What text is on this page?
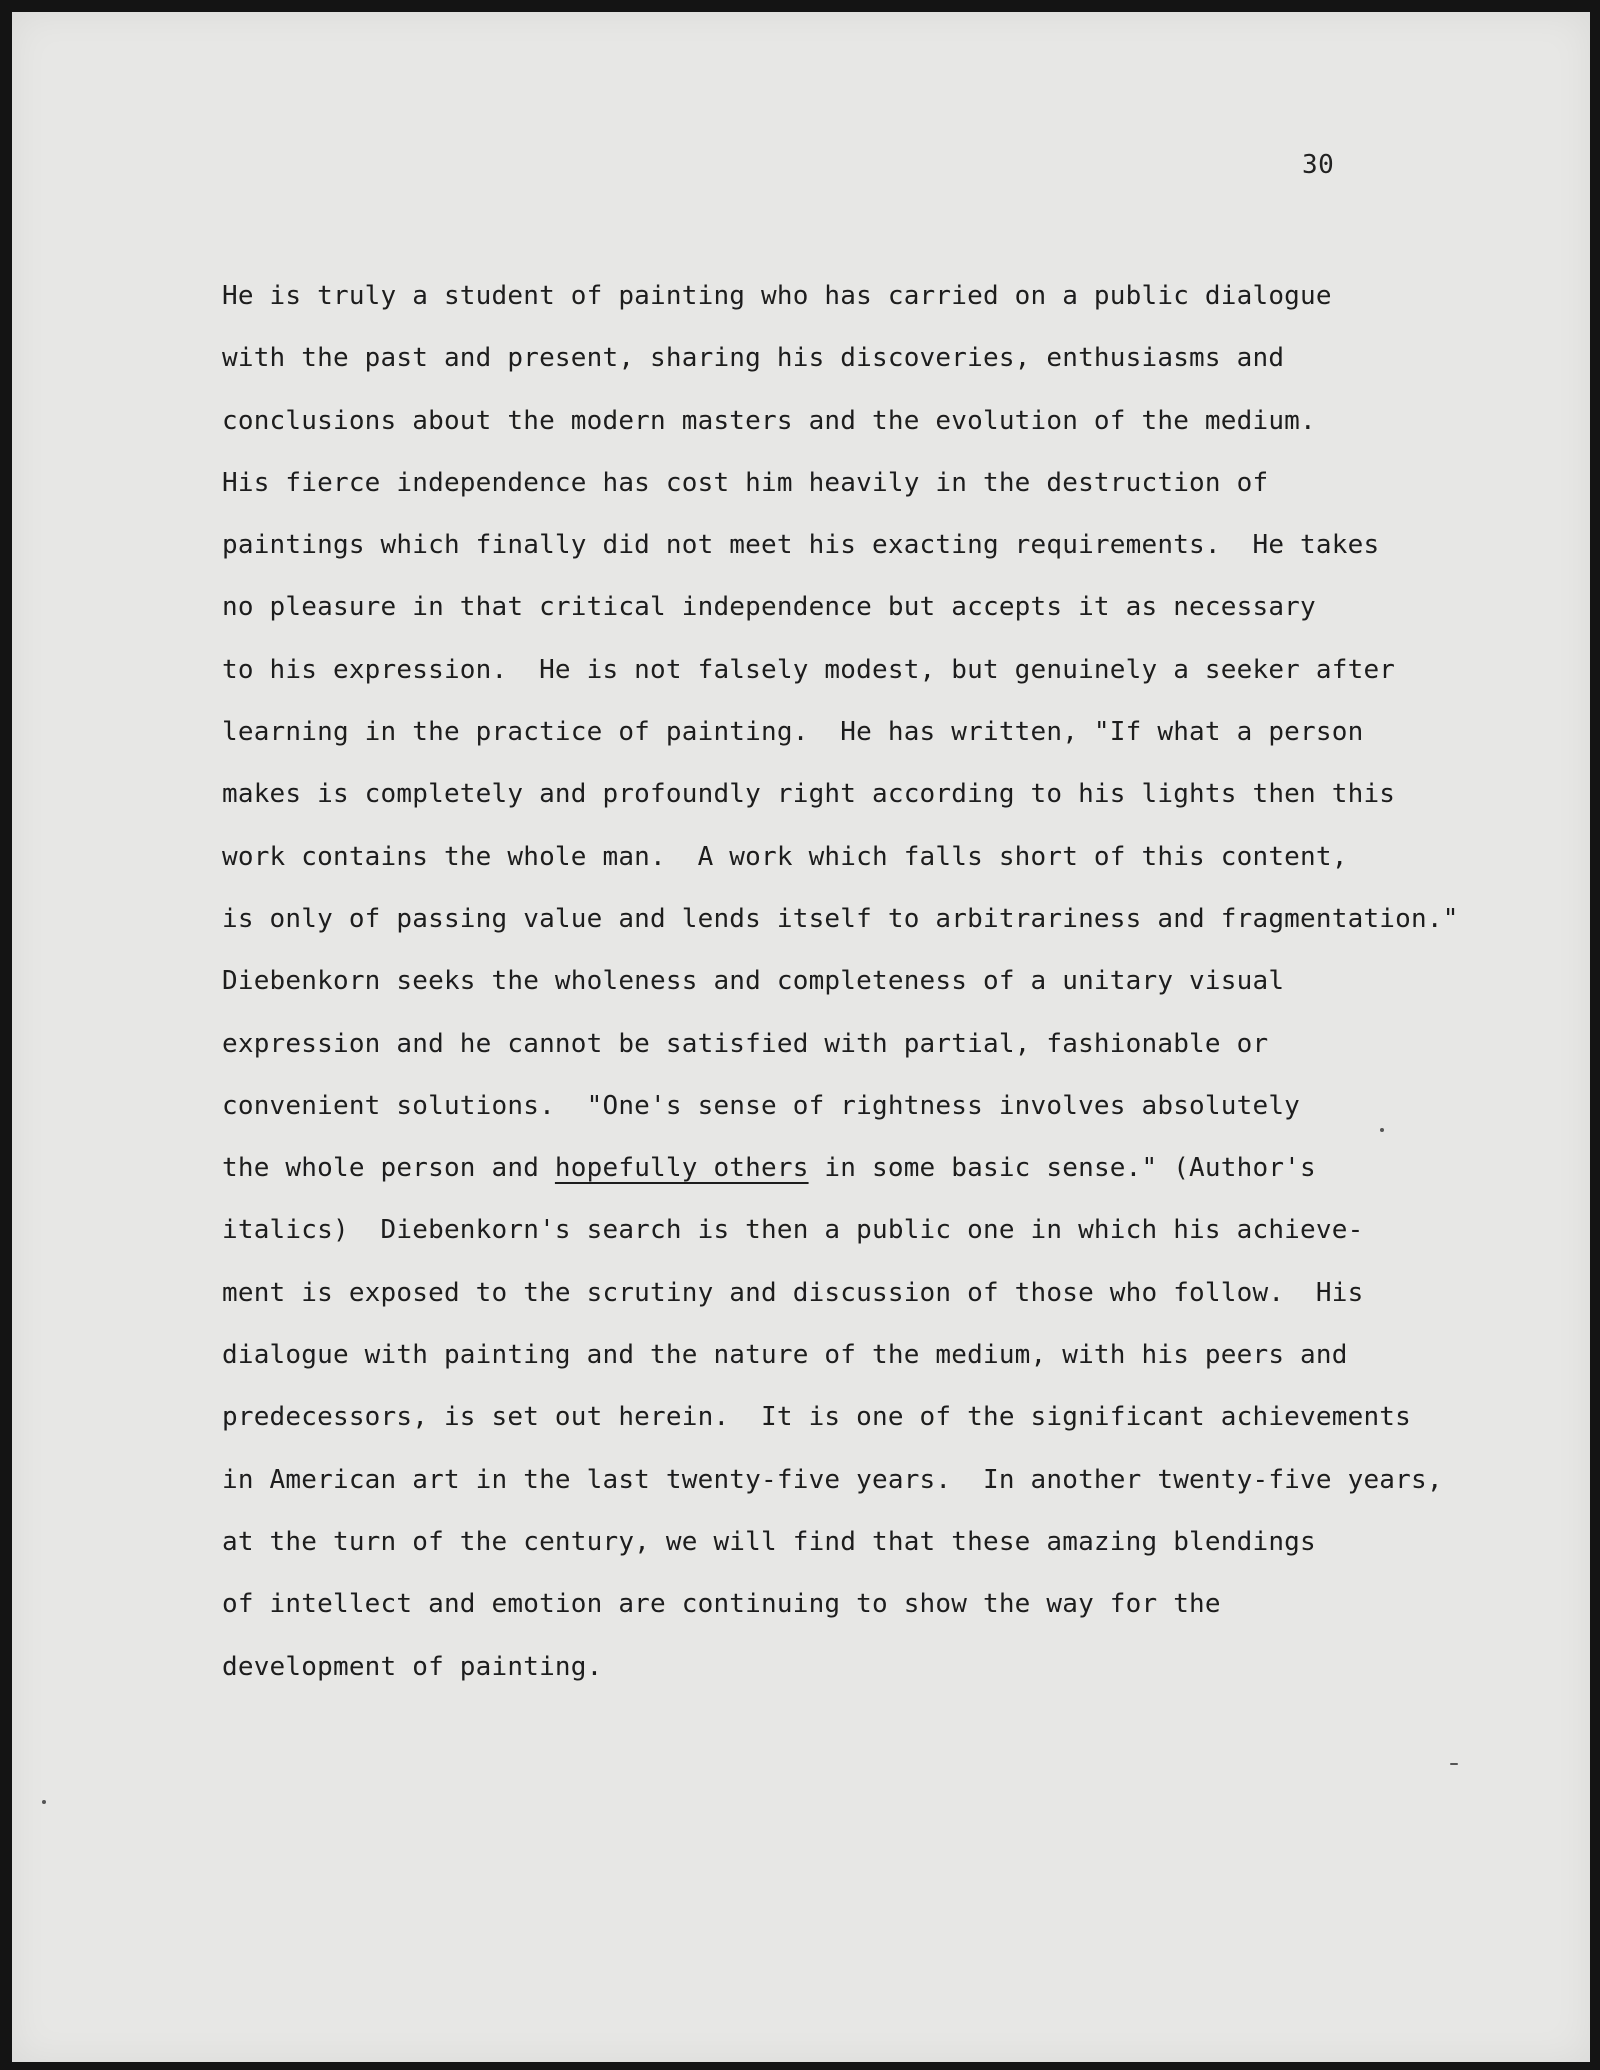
30

He is truly a student of painting who has carried on a public dialogue
with the past and present, sharing his discoveries, enthusiasms and
conclusions about the modern masters and the evolution of the medium.
His fierce independence has cost him heavily in the destruction of
paintings which finally did not meet his exacting requirements.  He takes
no pleasure in that critical independence but accepts it as necessary
to his expression.  He is not falsely modest, but genuinely a seeker after
learning in the practice of painting.  He has written, "If what a person
makes is completely and profoundly right according to his lights then this
work contains the whole man.  A work which falls short of this content,
is only of passing value and lends itself to arbitrariness and fragmentation."
Diebenkorn seeks the wholeness and completeness of a unitary visual
expression and he cannot be satisfied with partial, fashionable or
convenient solutions.  "One's sense of rightness involves absolutely
the whole person and hopefully others in some basic sense." (Author's
italics)  Diebenkorn's search is then a public one in which his achieve-
ment is exposed to the scrutiny and discussion of those who follow.  His
dialogue with painting and the nature of the medium, with his peers and
predecessors, is set out herein.  It is one of the significant achievements
in American art in the last twenty-five years.  In another twenty-five years,
at the turn of the century, we will find that these amazing blendings
of intellect and emotion are continuing to show the way for the
development of painting.
